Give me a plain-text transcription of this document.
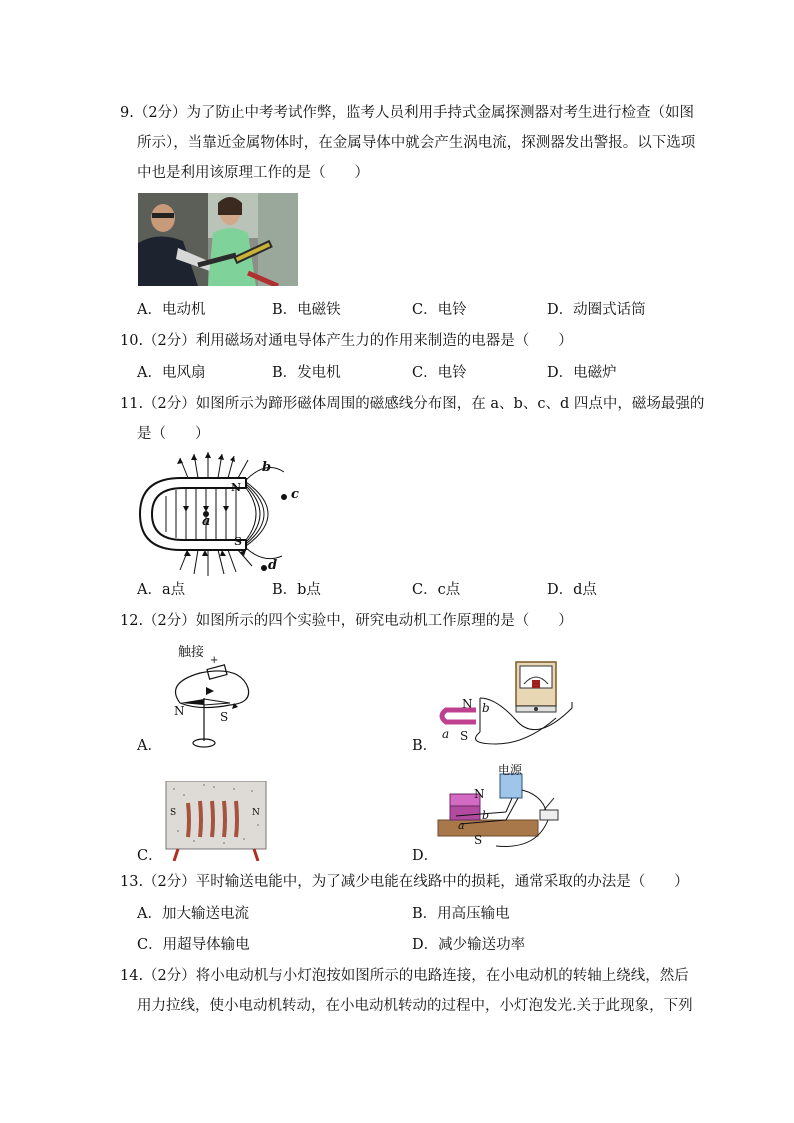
9.（2分）为了防止中考考试作弊，监考人员利用手持式金属探测器对考生进行检查（如图
所示），当靠近金属物体时，在金属导体中就会产生涡电流，探测器发出警报。以下选项
中也是利用该原理工作的是（　　）
A．电动机	B．电磁铁	C．电铃	D．动圈式话筒
10.（2分）利用磁场对通电导体产生力的作用来制造的电器是（　　）
A．电风扇	B．发电机	C．电铃	D．电磁炉
11.（2分）如图所示为蹄形磁体周围的磁感线分布图，在 a、b、c、d 四点中，磁场最强的
是（　　）
N
S
a
b
c
d
A．a点	B．b点	C．c点	D．d点
12.（2分）如图所示的四个实验中，研究电动机工作原理的是（　　）
触接
+
N	S
A．
N
S
a
b
B．
S	N
C．
电源
N
S
a
b
D．
13.（2分）平时输送电能中，为了减少电能在线路中的损耗，通常采取的办法是（　　）
A．加大输送电流	B．用高压输电
C．用超导体输电	D．减少输送功率
14.（2分）将小电动机与小灯泡按如图所示的电路连接，在小电动机的转轴上绕线，然后
用力拉线，使小电动机转动，在小电动机转动的过程中，小灯泡发光.关于此现象，下列
